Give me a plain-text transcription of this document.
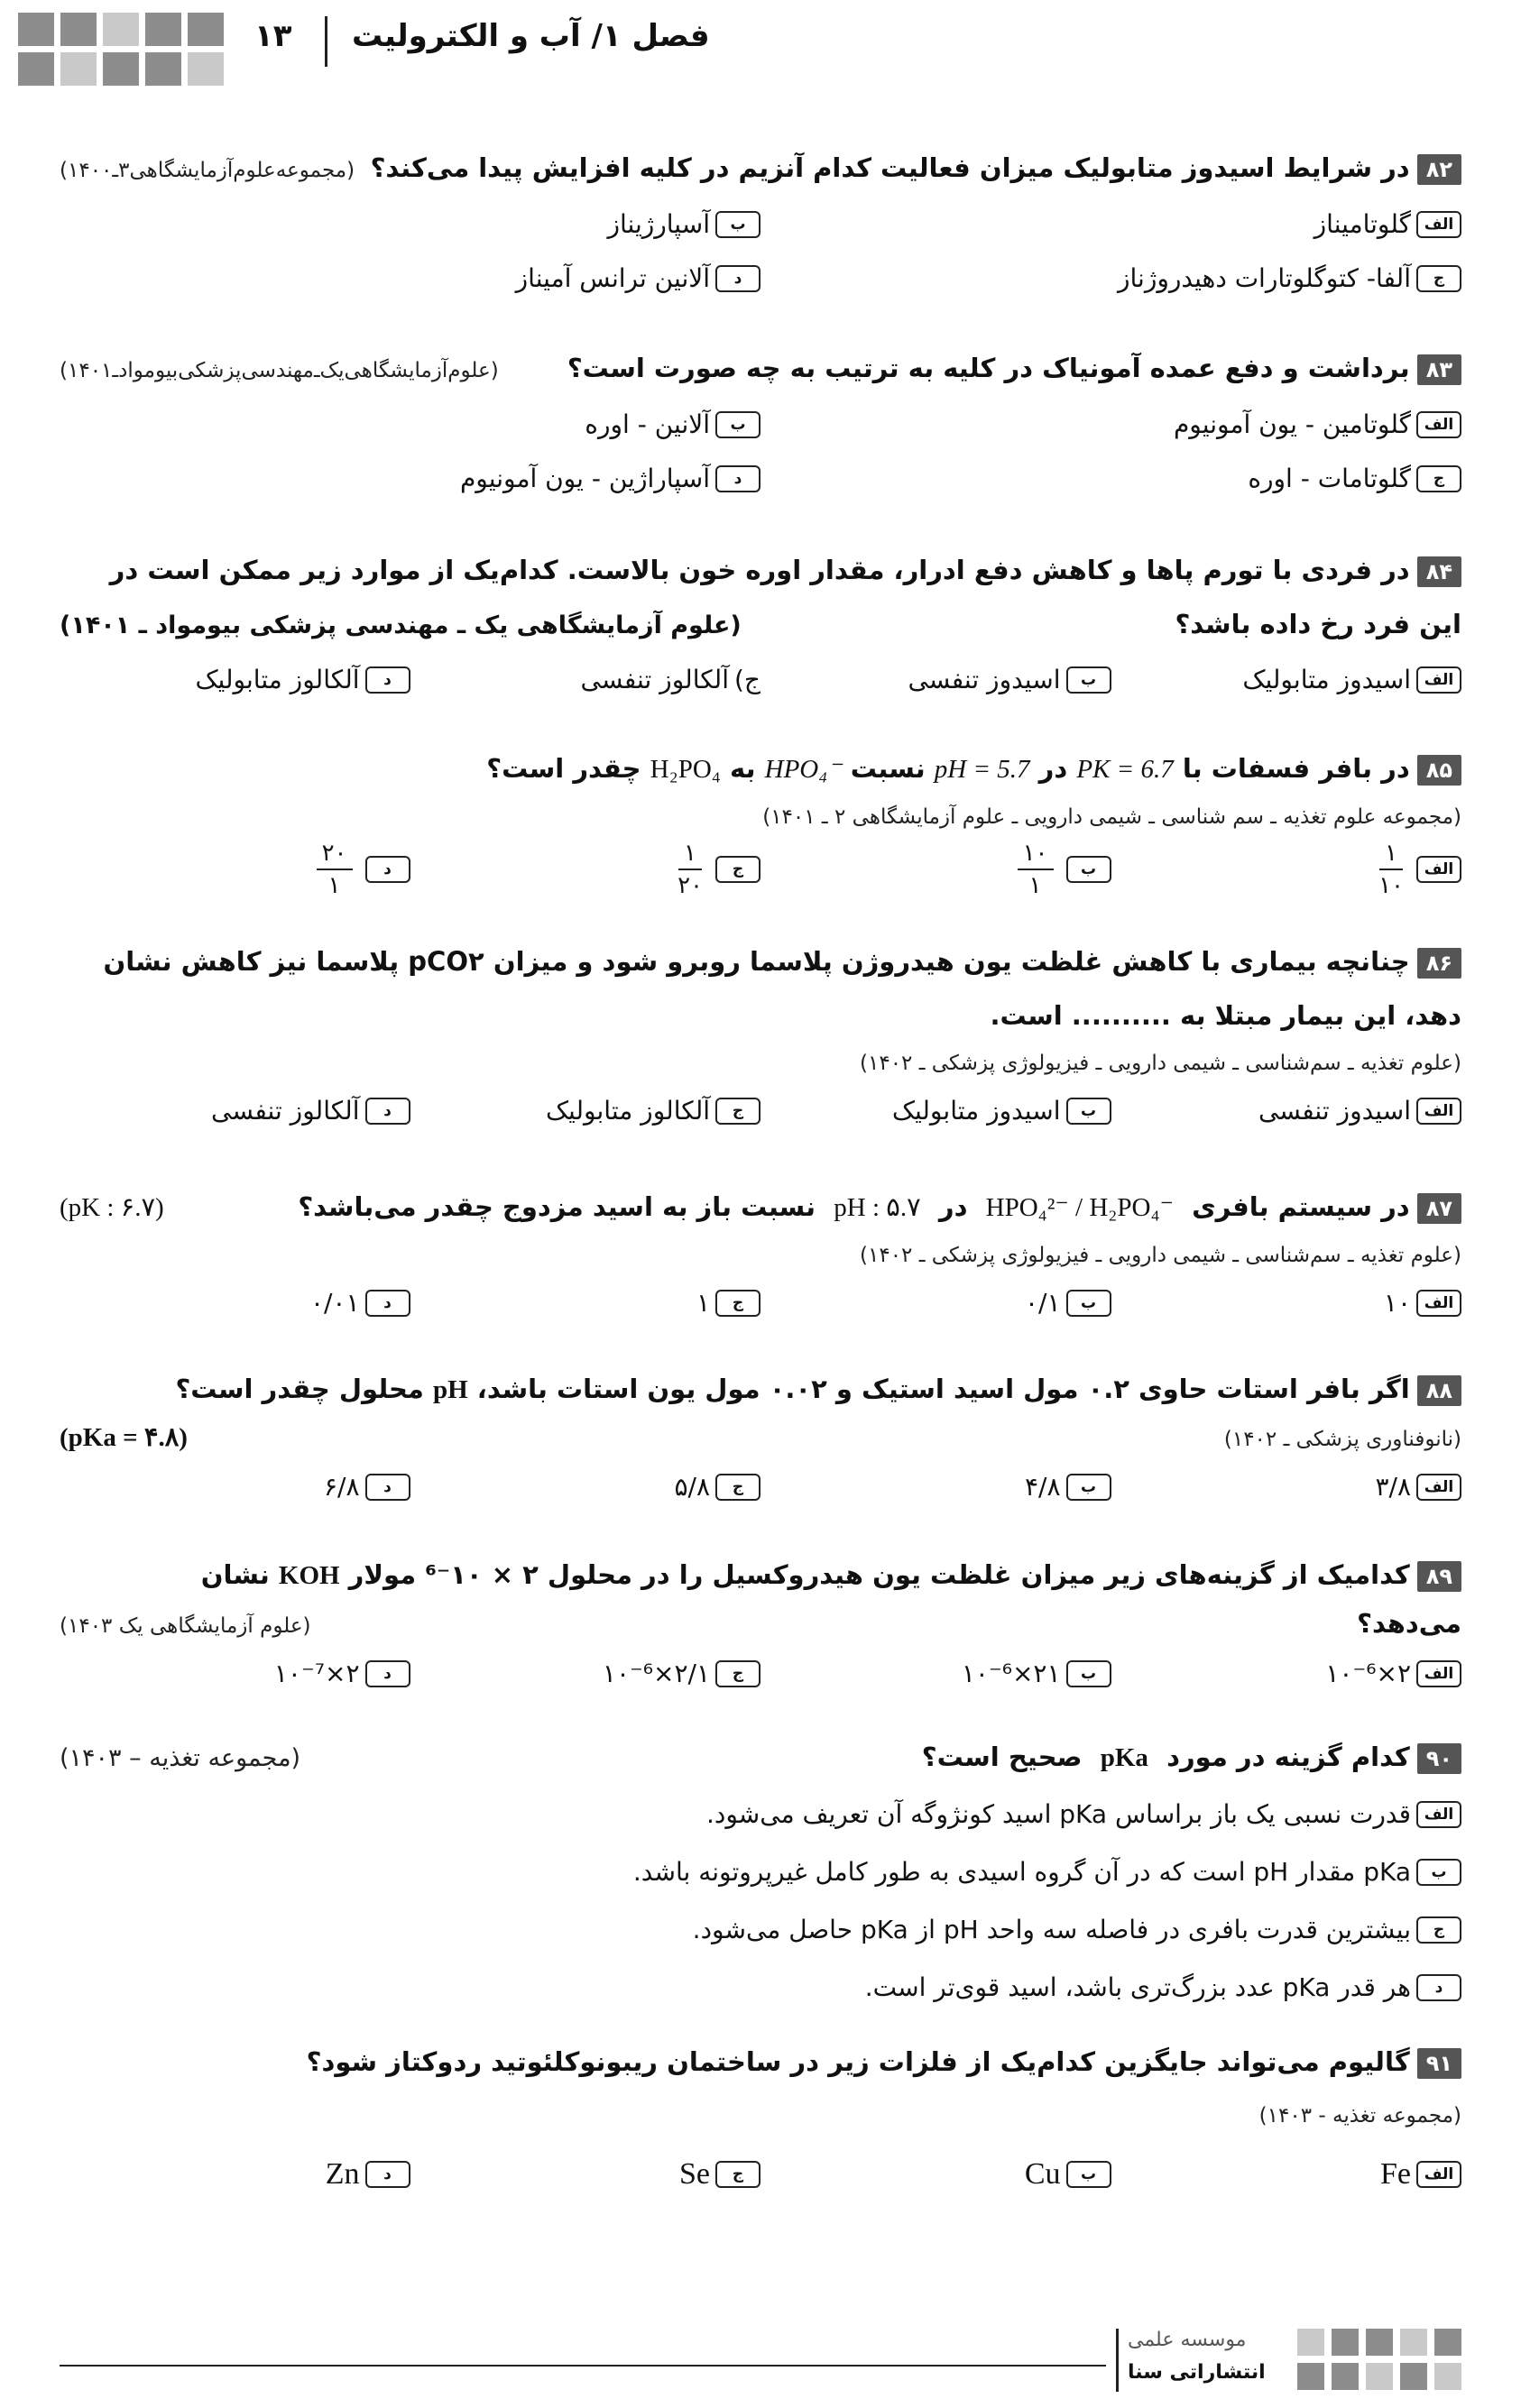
۱۳ فصل ۱/ آب و الکترولیت
۸۲در شرایط اسیدوز متابولیک میزان فعالیت کدام آنزیم در کلیه افزایش پیدا می‌کند؟
(مجموعه‌علوم‌آزمایشگاهی۳ـ۱۴۰۰)
الف
گلوتامیناز
ب
آسپارژیناز
ج
آلفا- کتوگلوتارات دهیدروژناز
د
آلانین ترانس آمیناز
۸۳برداشت و دفع عمده آمونیاک در کلیه به ترتیب به چه صورت است؟
(علوم‌آزمایشگاهی‌یک‌ـ‌مهندسی‌پزشکی‌بیومواد‌ـ۱۴۰۱)
الف
گلوتامین - یون آمونیوم
ب
آلانین - اوره
ج
گلوتامات - اوره
د
آسپاراژین - یون آمونیوم
۸۴
در فردی با تورم پاها و کاهش دفع ادرار، مقدار اوره خون بالاست. کدام‌یک از موارد زیر ممکن است در
این فرد رخ داده باشد؟
(علوم آزمایشگاهی یک ـ مهندسی پزشکی بیومواد ـ ۱۴۰۱)
الف
اسیدوز متابولیک
ب
اسیدوز تنفسی
ج)
آلکالوز تنفسی
د
آلکالوز متابولیک
۸۵
در بافر فسفات با

PK = 6.7

در

pH = 5.7

نسبت

HPO₄⁻

به

H₂PO₄

چقدر است؟
(مجموعه علوم تغذیه ـ سم شناسی ـ شیمی دارویی ـ علوم آزمایشگاهی ۲ ـ ۱۴۰۱)
الف
$\frac{۱}{۱۰}$
ب
$\frac{۱۰}{۱}$
ج
$\frac{۱}{۲۰}$
د
$\frac{۲۰}{۱}$
۸۶
چنانچه بیماری با کاهش غلظت یون هیدروژن پلاسما روبرو شود و میزان

pCO۲

پلاسما نیز کاهش نشان
دهد، این بیمار مبتلا به .......... است.
(علوم تغذیه ـ سم‌شناسی ـ شیمی دارویی ـ فیزیولوژی پزشکی ـ ۱۴۰۲)
الف
اسیدوز تنفسی
ب
اسیدوز متابولیک
ج
آلکالوز متابولیک
د
آلکالوز تنفسی
۸۷در سیستم بافری  HPO₄²⁻ / H₂PO₄⁻  در  pH : ۵.۷  نسبت باز به اسید مزدوج چقدر می‌باشد؟
(pK : ۶.۷)
(علوم تغذیه ـ سم‌شناسی ـ شیمی دارویی ـ فیزیولوژی پزشکی ـ ۱۴۰۲)
الف
۱۰
ب
۰/۱
ج
۱
د
۰/۰۱
۸۸
اگر بافر استات حاوی ۰.۲ مول اسید استیک و ۰.۰۲ مول یون استات باشد،

pH

محلول چقدر است؟
(نانوفناوری پزشکی ـ ۱۴۰۲)
(pKa = ۴.۸)
الف
۳/۸
ب
۴/۸
ج
۵/۸
د
۶/۸
۸۹
کدامیک از گزینه‌های زیر میزان غلظت یون هیدروکسیل را در محلول ۲ × ۱۰⁻⁶ مولار

KOH

نشان
می‌دهد؟
(علوم آزمایشگاهی یک ۱۴۰۳)
الف
۲×۱۰⁻⁶
ب
۲۱×۱۰⁻⁶
ج
۲/۱×۱۰⁻⁶
د
۲×۱۰⁻⁷
۹۰کدام گزینه در مورد  pKa  صحیح است؟
(مجموعه تغذیه – ۱۴۰۳)
الف
قدرت نسبی یک باز براساس pKa اسید کونژوگه آن تعریف می‌شود.
ب
pKa مقدار pH است که در آن گروه اسیدی به طور کامل غیرپروتونه باشد.
ج
بیشترین قدرت بافری در فاصله سه واحد pH از pKa حاصل می‌شود.
د
هر قدر pKa عدد بزرگ‌تری باشد، اسید قوی‌تر است.
۹۱
گالیوم می‌تواند جایگزین کدام‌یک از فلزات زیر در ساختمان ریبونوکلئوتید ردوکتاز شود؟
(مجموعه تغذیه - ۱۴۰۳)
الف
Fe
ب
Cu
ج
Se
د
Zn
موسسه علمی
انتشاراتی سنا
